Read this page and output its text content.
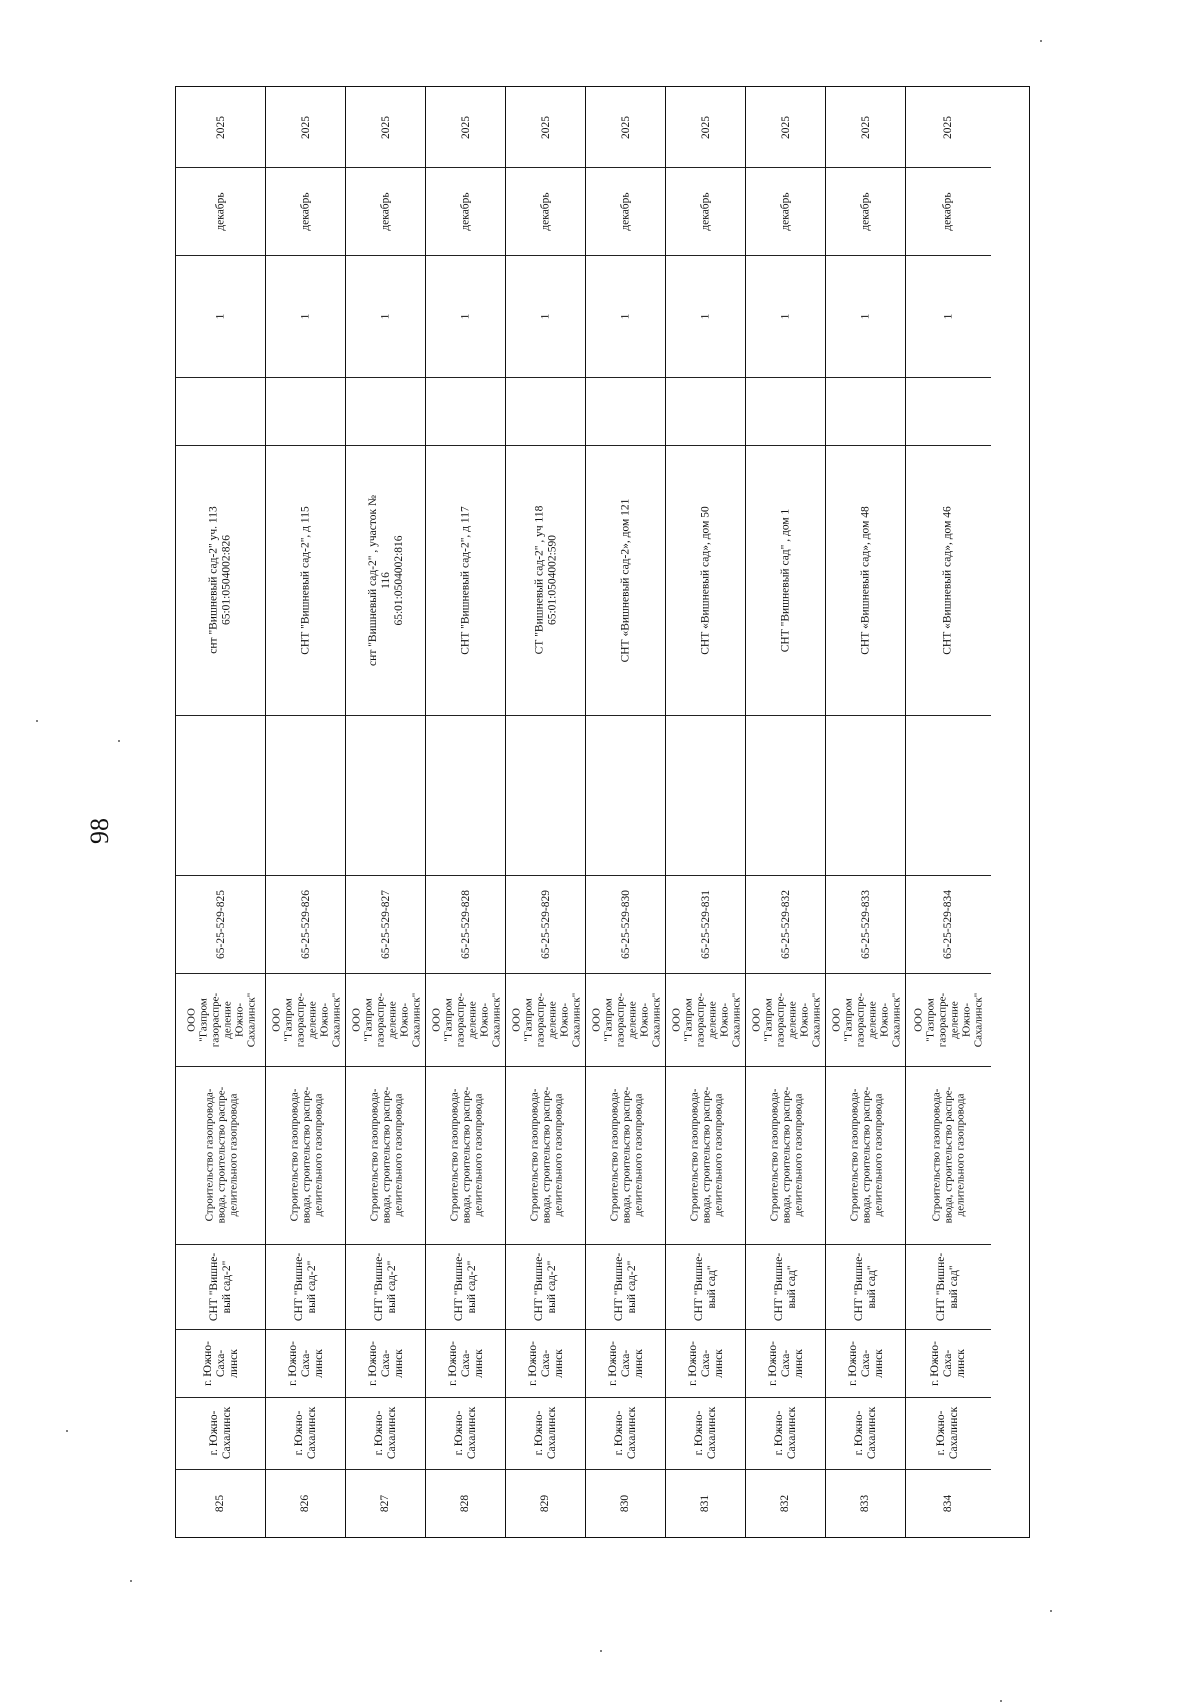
98
2025
декабрь
1
снт "Вишневый сад-2" уч. 113
65:01:0504002:826
65-25-529-825
ООО
"Газпром
газораспре-
деление
Южно-
Сахалинск"
Строительство газопровода-
ввода, строительство распре-
делительного газопровода
СНТ "Вишне-
вый сад-2"
г. Южно-
Саха-
линск
г. Южно-
Сахалинск
825
2025
декабрь
1
СНТ "Вишневый сад-2", д 115
65-25-529-826
ООО
"Газпром
газораспре-
деление
Южно-
Сахалинск"
Строительство газопровода-
ввода, строительство распре-
делительного газопровода
СНТ "Вишне-
вый сад-2"
г. Южно-
Саха-
линск
г. Южно-
Сахалинск
826
2025
декабрь
1
снт "Вишневый сад-2" , участок №
116
65:01:0504002:816
65-25-529-827
ООО
"Газпром
газораспре-
деление
Южно-
Сахалинск"
Строительство газопровода-
ввода, строительство распре-
делительного газопровода
СНТ "Вишне-
вый сад-2"
г. Южно-
Саха-
линск
г. Южно-
Сахалинск
827
2025
декабрь
1
СНТ "Вишневый сад-2", д 117
65-25-529-828
ООО
"Газпром
газораспре-
деление
Южно-
Сахалинск"
Строительство газопровода-
ввода, строительство распре-
делительного газопровода
СНТ "Вишне-
вый сад-2"
г. Южно-
Саха-
линск
г. Южно-
Сахалинск
828
2025
декабрь
1
СТ "Вишневый сад-2" , уч 118
65:01:0504002:590
65-25-529-829
ООО
"Газпром
газораспре-
деление
Южно-
Сахалинск"
Строительство газопровода-
ввода, строительство распре-
делительного газопровода
СНТ "Вишне-
вый сад-2"
г. Южно-
Саха-
линск
г. Южно-
Сахалинск
829
2025
декабрь
1
СНТ «Вишневый сад-2», дом 121
65-25-529-830
ООО
"Газпром
газораспре-
деление
Южно-
Сахалинск"
Строительство газопровода-
ввода, строительство распре-
делительного газопровода
СНТ "Вишне-
вый сад-2"
г. Южно-
Саха-
линск
г. Южно-
Сахалинск
830
2025
декабрь
1
СНТ «Вишневый сад», дом 50
65-25-529-831
ООО
"Газпром
газораспре-
деление
Южно-
Сахалинск"
Строительство газопровода-
ввода, строительство распре-
делительного газопровода
СНТ "Вишне-
вый сад"
г. Южно-
Саха-
линск
г. Южно-
Сахалинск
831
2025
декабрь
1
СНТ "Вишневый сад" , дом 1
65-25-529-832
ООО
"Газпром
газораспре-
деление
Южно-
Сахалинск"
Строительство газопровода-
ввода, строительство распре-
делительного газопровода
СНТ "Вишне-
вый сад"
г. Южно-
Саха-
линск
г. Южно-
Сахалинск
832
2025
декабрь
1
СНТ «Вишневый сад», дом 48
65-25-529-833
ООО
"Газпром
газораспре-
деление
Южно-
Сахалинск"
Строительство газопровода-
ввода, строительство распре-
делительного газопровода
СНТ "Вишне-
вый сад"
г. Южно-
Саха-
линск
г. Южно-
Сахалинск
833
2025
декабрь
1
СНТ «Вишневый сад», дом 46
65-25-529-834
ООО
"Газпром
газораспре-
деление
Южно-
Сахалинск"
Строительство газопровода-
ввода, строительство распре-
делительного газопровода
СНТ "Вишне-
вый сад"
г. Южно-
Саха-
линск
г. Южно-
Сахалинск
834
